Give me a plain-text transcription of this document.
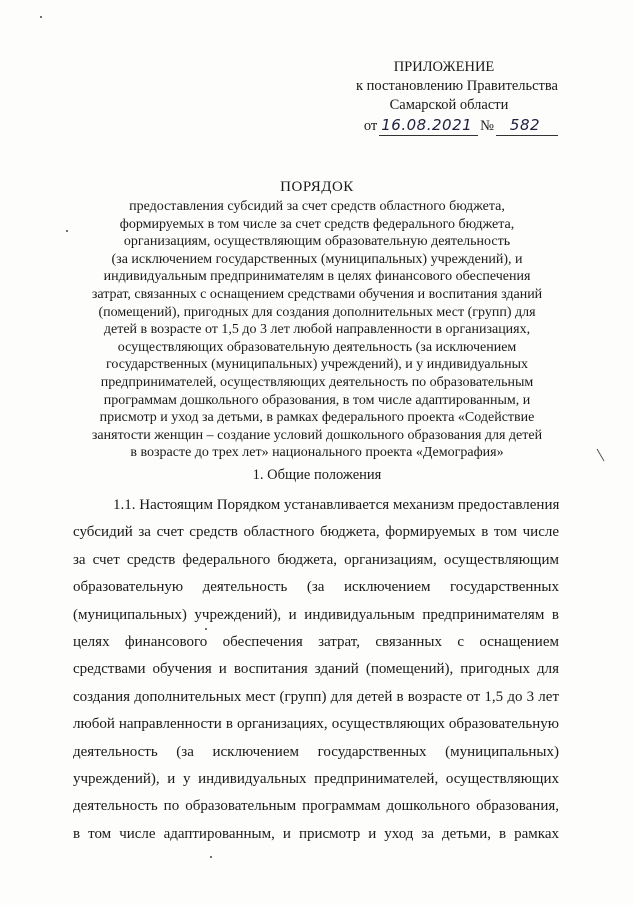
ПРИЛОЖЕНИЕ
к постановлению Правительства
Самарской области
от 16.08.2021 №	582
ПОРЯДОК
предоставления субсидий за счет средств областного бюджета,
формируемых в том числе за счет средств федерального бюджета,
организациям, осуществляющим образовательную деятельность
(за исключением государственных (муниципальных) учреждений), и
индивидуальным предпринимателям в целях финансового обеспечения
затрат, связанных с оснащением средствами обучения и воспитания зданий
(помещений), пригодных для создания дополнительных мест (групп) для
детей в возрасте от 1,5 до 3 лет любой направленности в организациях,
осуществляющих образовательную деятельность (за исключением
государственных (муниципальных) учреждений), и у индивидуальных
предпринимателей, осуществляющих деятельность по образовательным
программам дошкольного образования, в том числе адаптированным, и
присмотр и уход за детьми, в рамках федерального проекта «Содействие
занятости женщин – создание условий дошкольного образования для детей
в возрасте до трех лет» национального проекта «Демография»
1. Общие положения
1.1. Настоящим Порядком устанавливается механизм предоставления
субсидий за счет средств областного бюджета, формируемых в том числе
за счет средств федерального бюджета, организациям, осуществляющим
образовательную деятельность (за исключением государственных
(муниципальных) учреждений), и индивидуальным предпринимателям в
целях финансового обеспечения затрат, связанных с оснащением
средствами обучения и воспитания зданий (помещений), пригодных для
создания дополнительных мест (групп) для детей в возрасте от 1,5 до 3 лет
любой направленности в организациях, осуществляющих образовательную
деятельность (за исключением государственных (муниципальных)
учреждений), и у индивидуальных предпринимателей, осуществляющих
деятельность по образовательным программам дошкольного образования,
в том числе адаптированным, и присмотр и уход за детьми, в рамках
